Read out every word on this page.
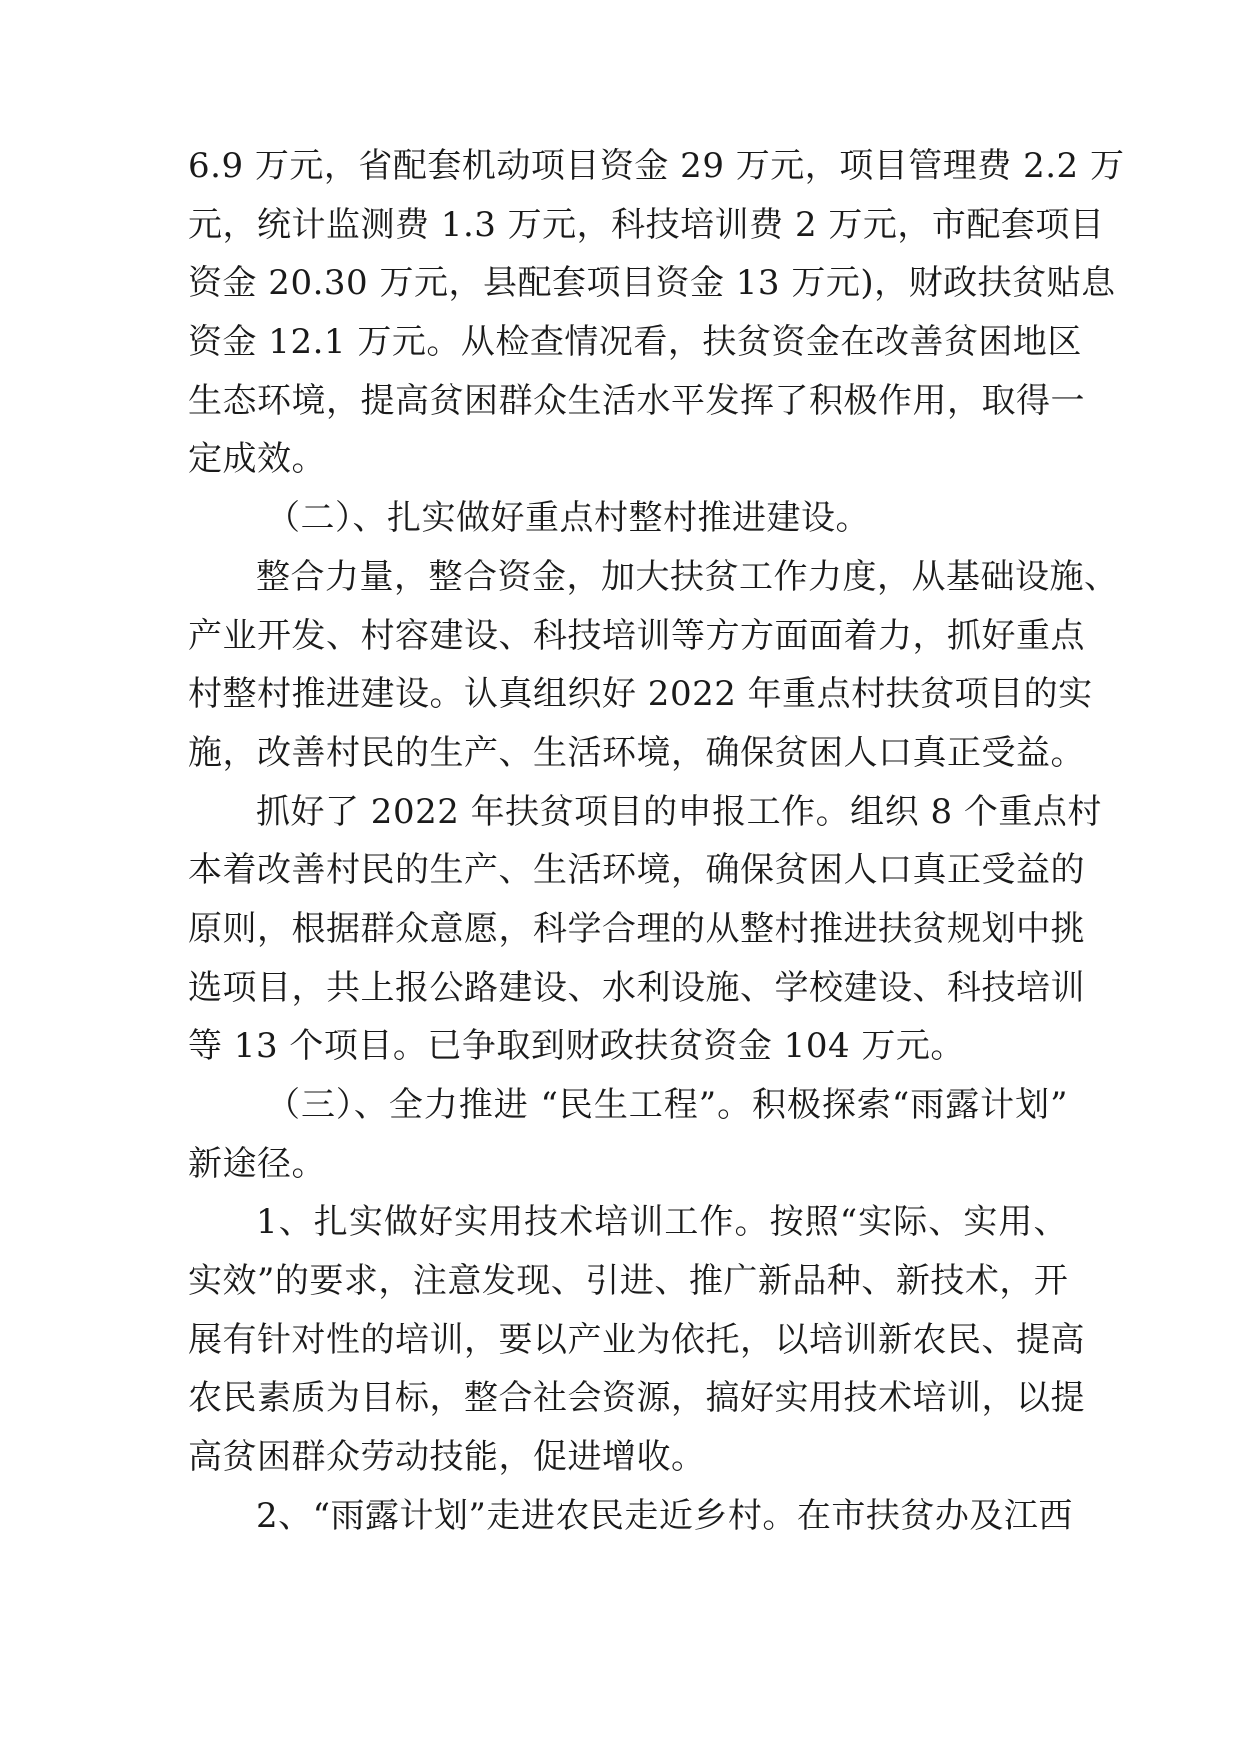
6.9 万元，省配套机动项目资金 29 万元，项目管理费 2.2 万
元，统计监测费 1.3 万元，科技培训费 2 万元，市配套项目
资金 20.30 万元，县配套项目资金 13 万元)，财政扶贫贴息
资金 12.1 万元。从检查情况看，扶贫资金在改善贫困地区
生态环境，提高贫困群众生活水平发挥了积极作用，取得一
定成效。
（二）、扎实做好重点村整村推进建设。
整合力量，整合资金，加大扶贫工作力度，从基础设施、
产业开发、村容建设、科技培训等方方面面着力，抓好重点
村整村推进建设。认真组织好 2022 年重点村扶贫项目的实
施，改善村民的生产、生活环境，确保贫困人口真正受益。
抓好了 2022 年扶贫项目的申报工作。组织 8 个重点村
本着改善村民的生产、生活环境，确保贫困人口真正受益的
原则，根据群众意愿，科学合理的从整村推进扶贫规划中挑
选项目，共上报公路建设、水利设施、学校建设、科技培训
等 13 个项目。已争取到财政扶贫资金 104 万元。
（三）、全力推进 “民生工程”。积极探索“雨露计划”
新途径。
1、扎实做好实用技术培训工作。按照“实际、实用、
实效”的要求，注意发现、引进、推广新品种、新技术，开
展有针对性的培训，要以产业为依托，以培训新农民、提高
农民素质为目标，整合社会资源，搞好实用技术培训，以提
高贫困群众劳动技能，促进增收。
2、“雨露计划”走进农民走近乡村。在市扶贫办及江西
